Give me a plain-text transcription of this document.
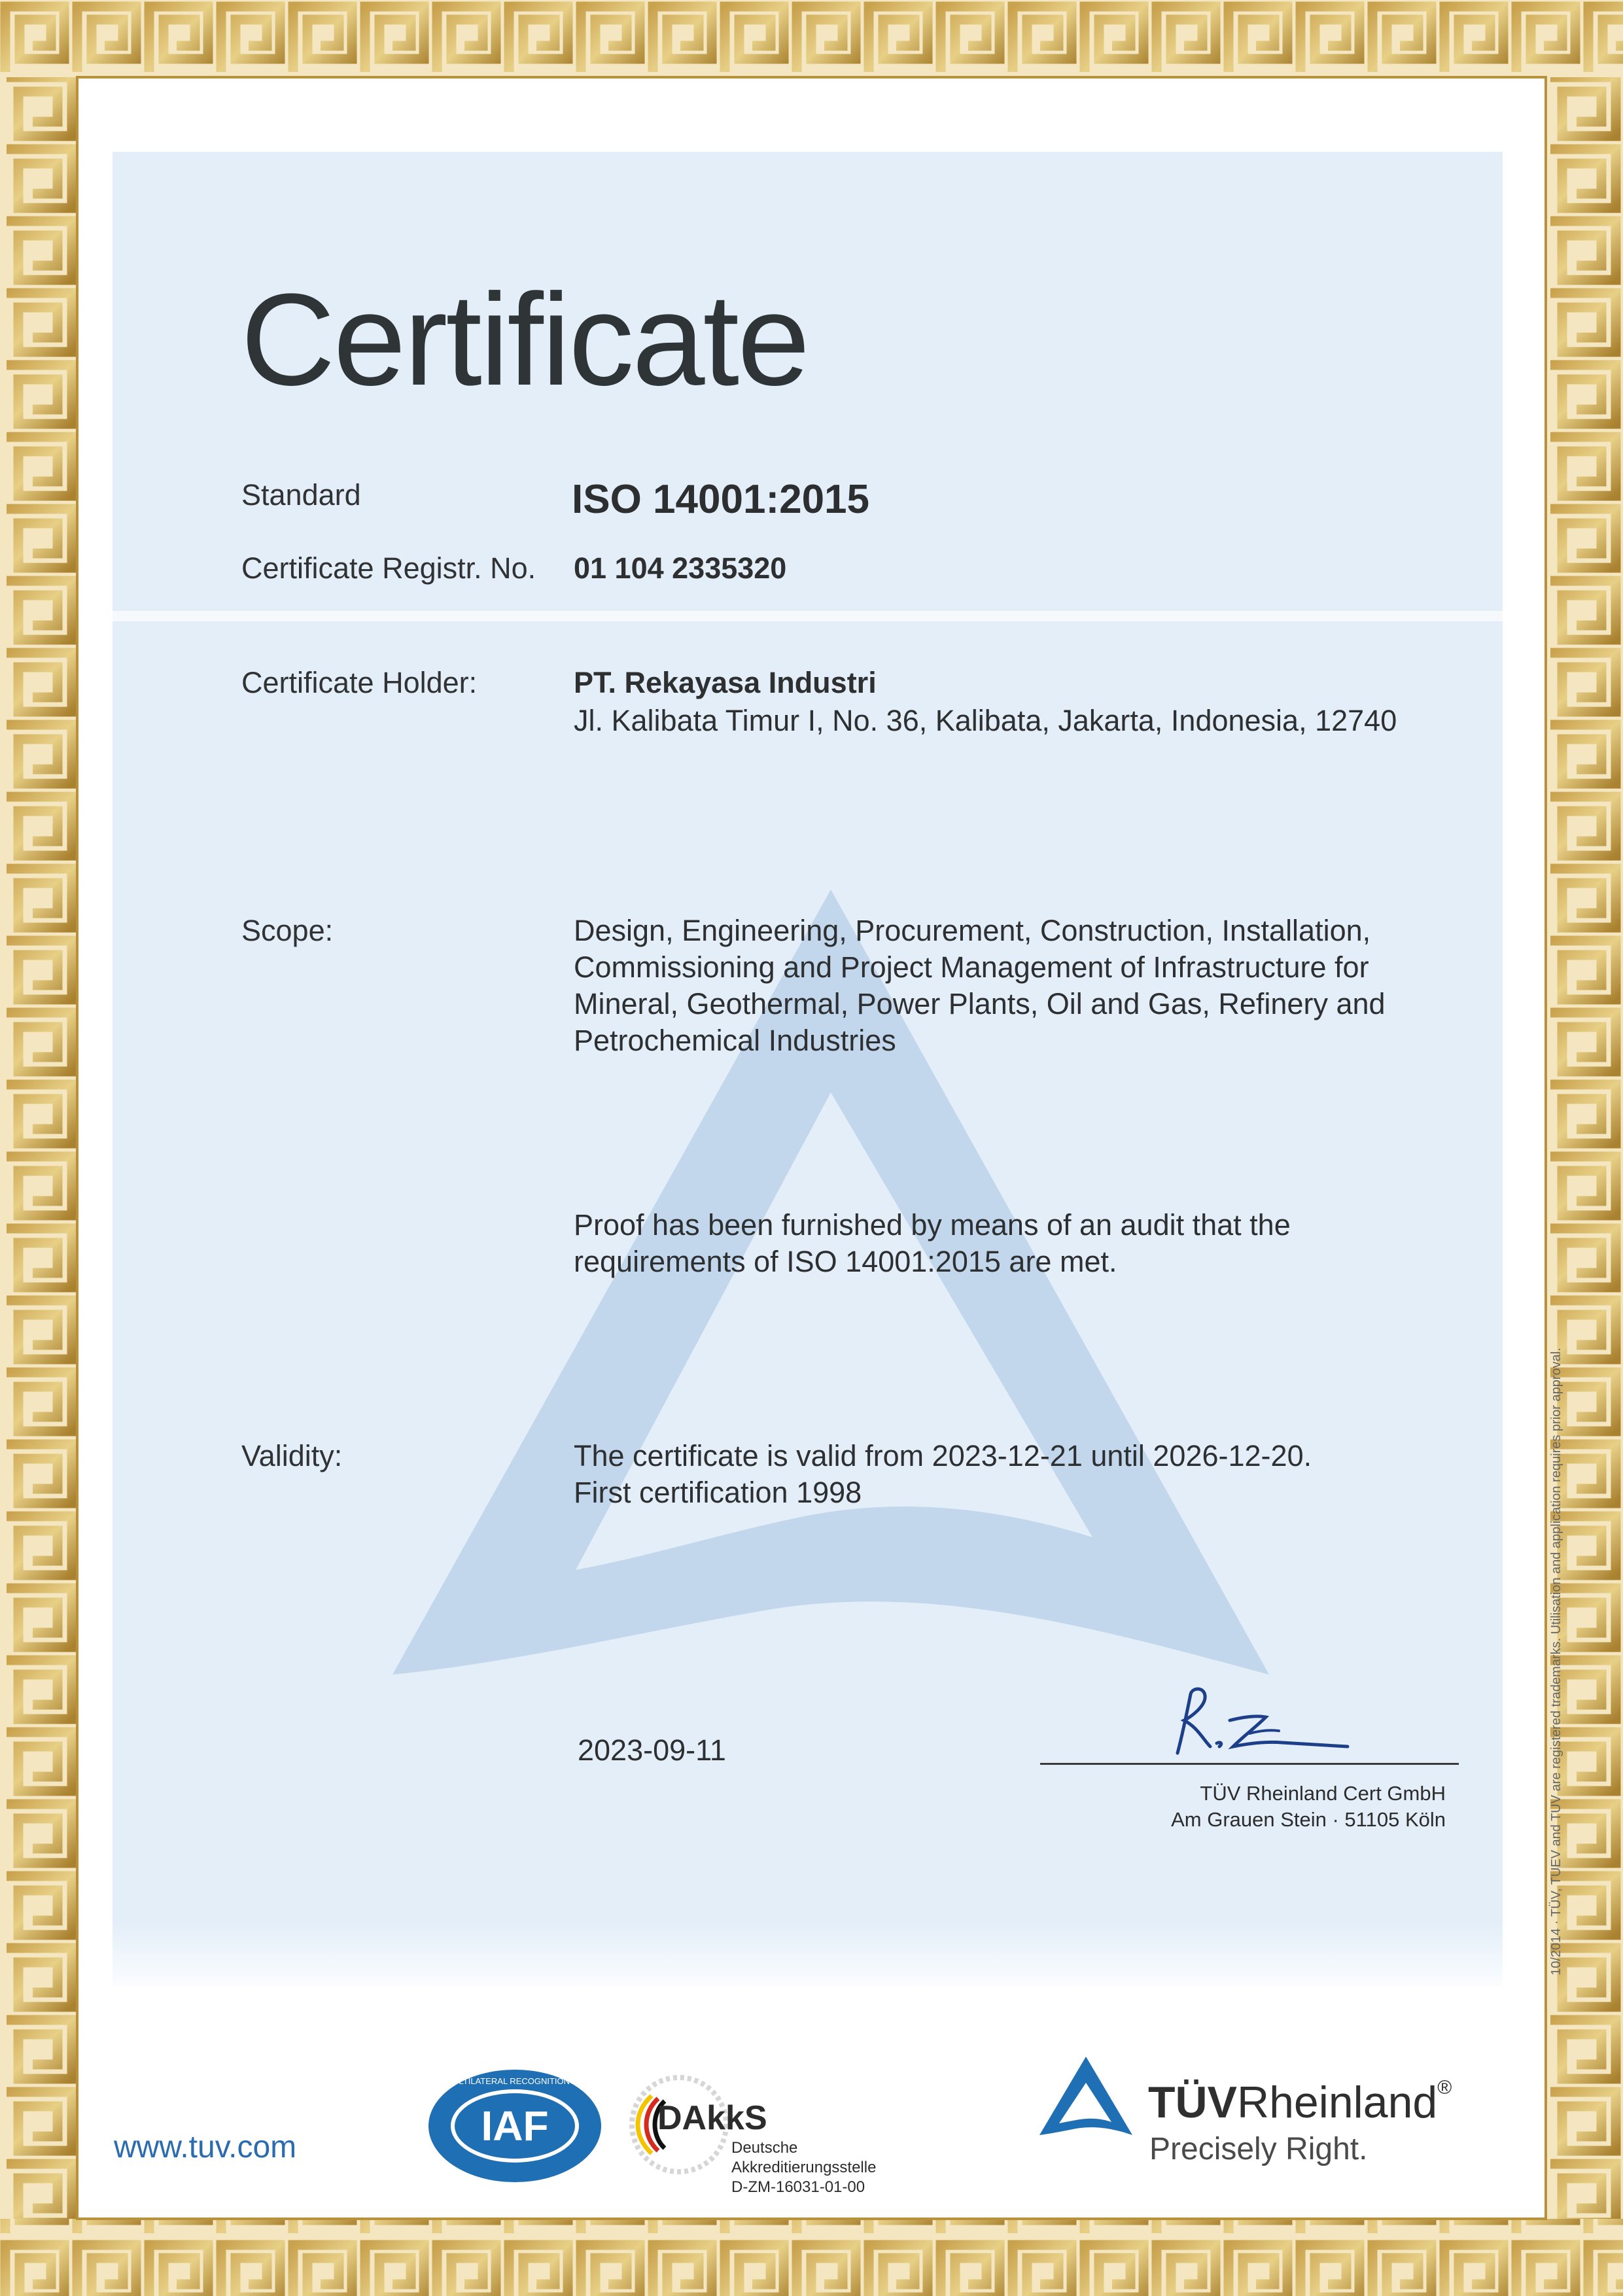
Certificate
Standard	ISO 14001:2015
Certificate Registr. No. 01 104 2335320
Certificate Holder:	PT. Rekayasa Industri
Jl. Kalibata Timur I, No. 36, Kalibata, Jakarta, Indonesia, 12740
Scope:	Design, Engineering, Procurement, Construction, Installation,
Commissioning and Project Management of Infrastructure for
Mineral, Geothermal, Power Plants, Oil and Gas, Refinery and
Petrochemical Industries
Proof has been furnished by means of an audit that the
requirements of ISO 14001:2015 are met.
Validity:	The certificate is valid from 2023-12-21 until 2026-12-20.
First certification 1998
2023-09-11
TÜV Rheinland Cert GmbH
Am Grauen Stein · 51105 Köln
www.tuv.com	IAF
MEMBER OF MULTILATERAL RECOGNITION ARRANGEMENT
DAkkS
Deutsche
Akkreditierungsstelle
D-ZM-16031-01-00
TÜVRheinland®
Precisely Right.
10/2014 · TÜV, TUEV and TUV are registered trademarks. Utilisation and application requires prior approval.
